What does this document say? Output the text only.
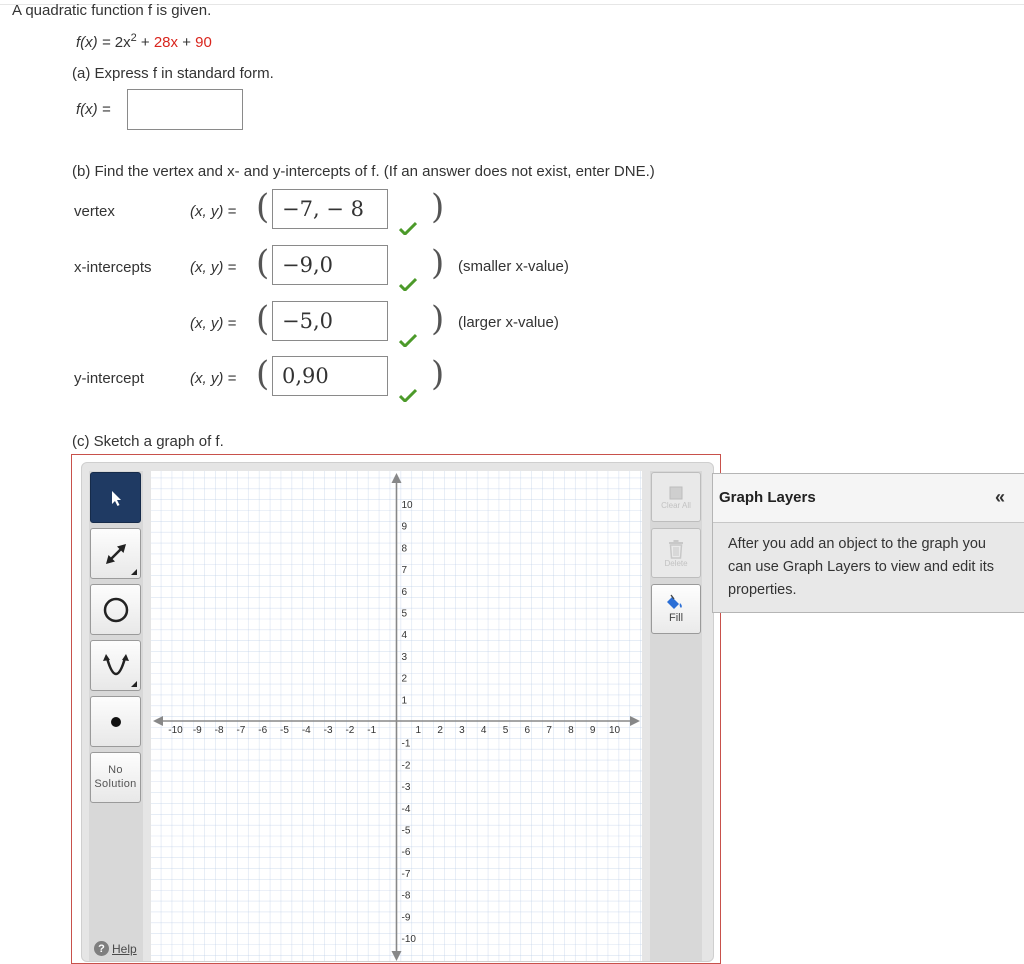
A quadratic function f is given.
$f(x) = 2x^2 + 28x + 90$
(a) Express f in standard form.
f(x) =
(b) Find the vertex and x- and y-intercepts of f. (If an answer does not exist, enter DNE.)
vertex	(x, y) = ( −7, − 8	)
x-intercepts	(x, y) = ( −9,0	) (smaller x-value)
(x, y) = ( −5,0	) (larger x-value)
y-intercept	(x, y) = ( 0,90	)
(c) Sketch a graph of f.
No
Solution
? Help
-10 -9 -8 -7 -6 -5 -4 -3 -2 -1	1 2 3 4 5 6 7 8 9 10
10
9
8
7
6
5
4
3
2
1
-1
-2
-3
-4
-5
-6
-7
-8
-9
-10
Clear All
Delete
Fill
Graph Layers	«
After you add an object to the graph you can use Graph Layers to view and edit its properties.
